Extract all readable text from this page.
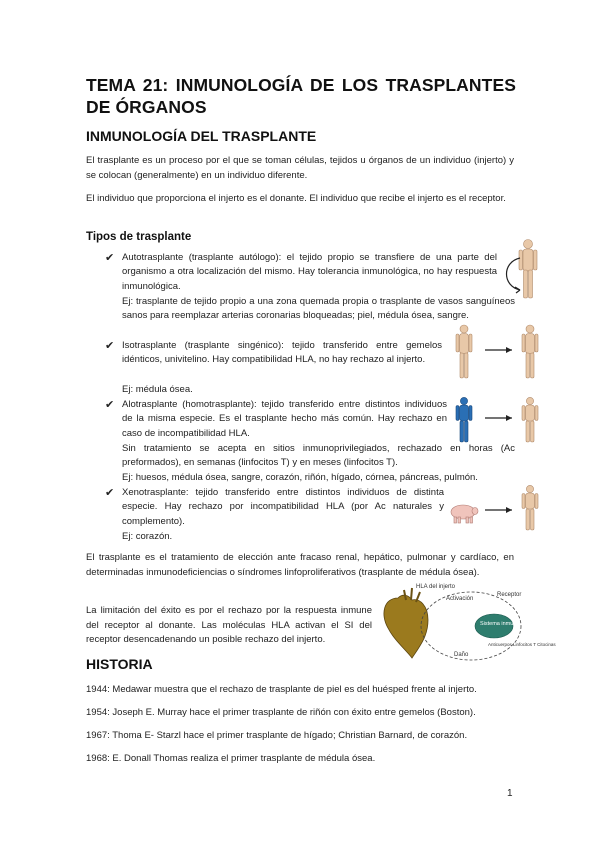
TEMA 21: INMUNOLOGÍA DE LOS TRASPLANTES DE ÓRGANOS
INMUNOLOGÍA DEL TRASPLANTE

El trasplante es un proceso por el que se toman células, tejidos u órganos de un individuo (injerto) y se colocan (generalmente) en un individuo diferente.

El individuo que proporciona el injerto es el donante. El individuo que recibe el injerto es el receptor.

Tipos de trasplante
✔ Autotrasplante (trasplante autólogo): el tejido propio se transfiere de una parte del organismo a otra localización del mismo. Hay tolerancia inmunológica, no hay respuesta inmunológica.

Ej: trasplante de tejido propio a una zona quemada propia o trasplante de vasos sanguíneos sanos para reemplazar arterias coronarias bloqueadas; piel, médula ósea, sangre.

✔ Isotrasplante (trasplante singénico): tejido transferido entre gemelos idénticos, univitelino. Hay compatibilidad HLA, no hay rechazo al injerto.

Ej: médula ósea.

✔ Alotrasplante (homotrasplante): tejido transferido entre distintos individuos de la misma especie. Es el trasplante hecho más común. Hay rechazo en caso de incompatibilidad HLA.

Sin tratamiento se acepta en sitios inmunoprivilegiados, rechazado en horas (Ac preformados), en semanas (linfocitos T) y en meses (linfocitos T).

Ej: huesos, médula ósea, sangre, corazón, riñón, hígado, córnea, páncreas, pulmón.

✔ Xenotrasplante: tejido transferido entre distintos individuos de distinta especie. Hay rechazo por incompatibilidad HLA (por Ac naturales y complemento).

Ej: corazón.

El trasplante es el tratamiento de elección ante fracaso renal, hepático, pulmonar y cardíaco, en determinadas inmunodeficiencias o síndromes linfoproliferativos (trasplante de médula ósea).

La limitación del éxito es por el rechazo por la respuesta inmune del receptor al donante. Las moléculas HLA activan el SI del receptor desencadenando un posible rechazo del injerto.

HLA del injerto
Activación
Receptor
Sistema inmune
Daño
Anticuerpos Linfocitos T Citocinas
HISTORIA

1944: Medawar muestra que el rechazo de trasplante de piel es del huésped frente al injerto.

1954: Joseph E. Murray hace el primer trasplante de riñón con éxito entre gemelos (Boston).

1967: Thoma E- Starzl hace el primer trasplante de hígado; Christian Barnard, de corazón.

1968: E. Donall Thomas realiza el primer trasplante de médula ósea.

1
